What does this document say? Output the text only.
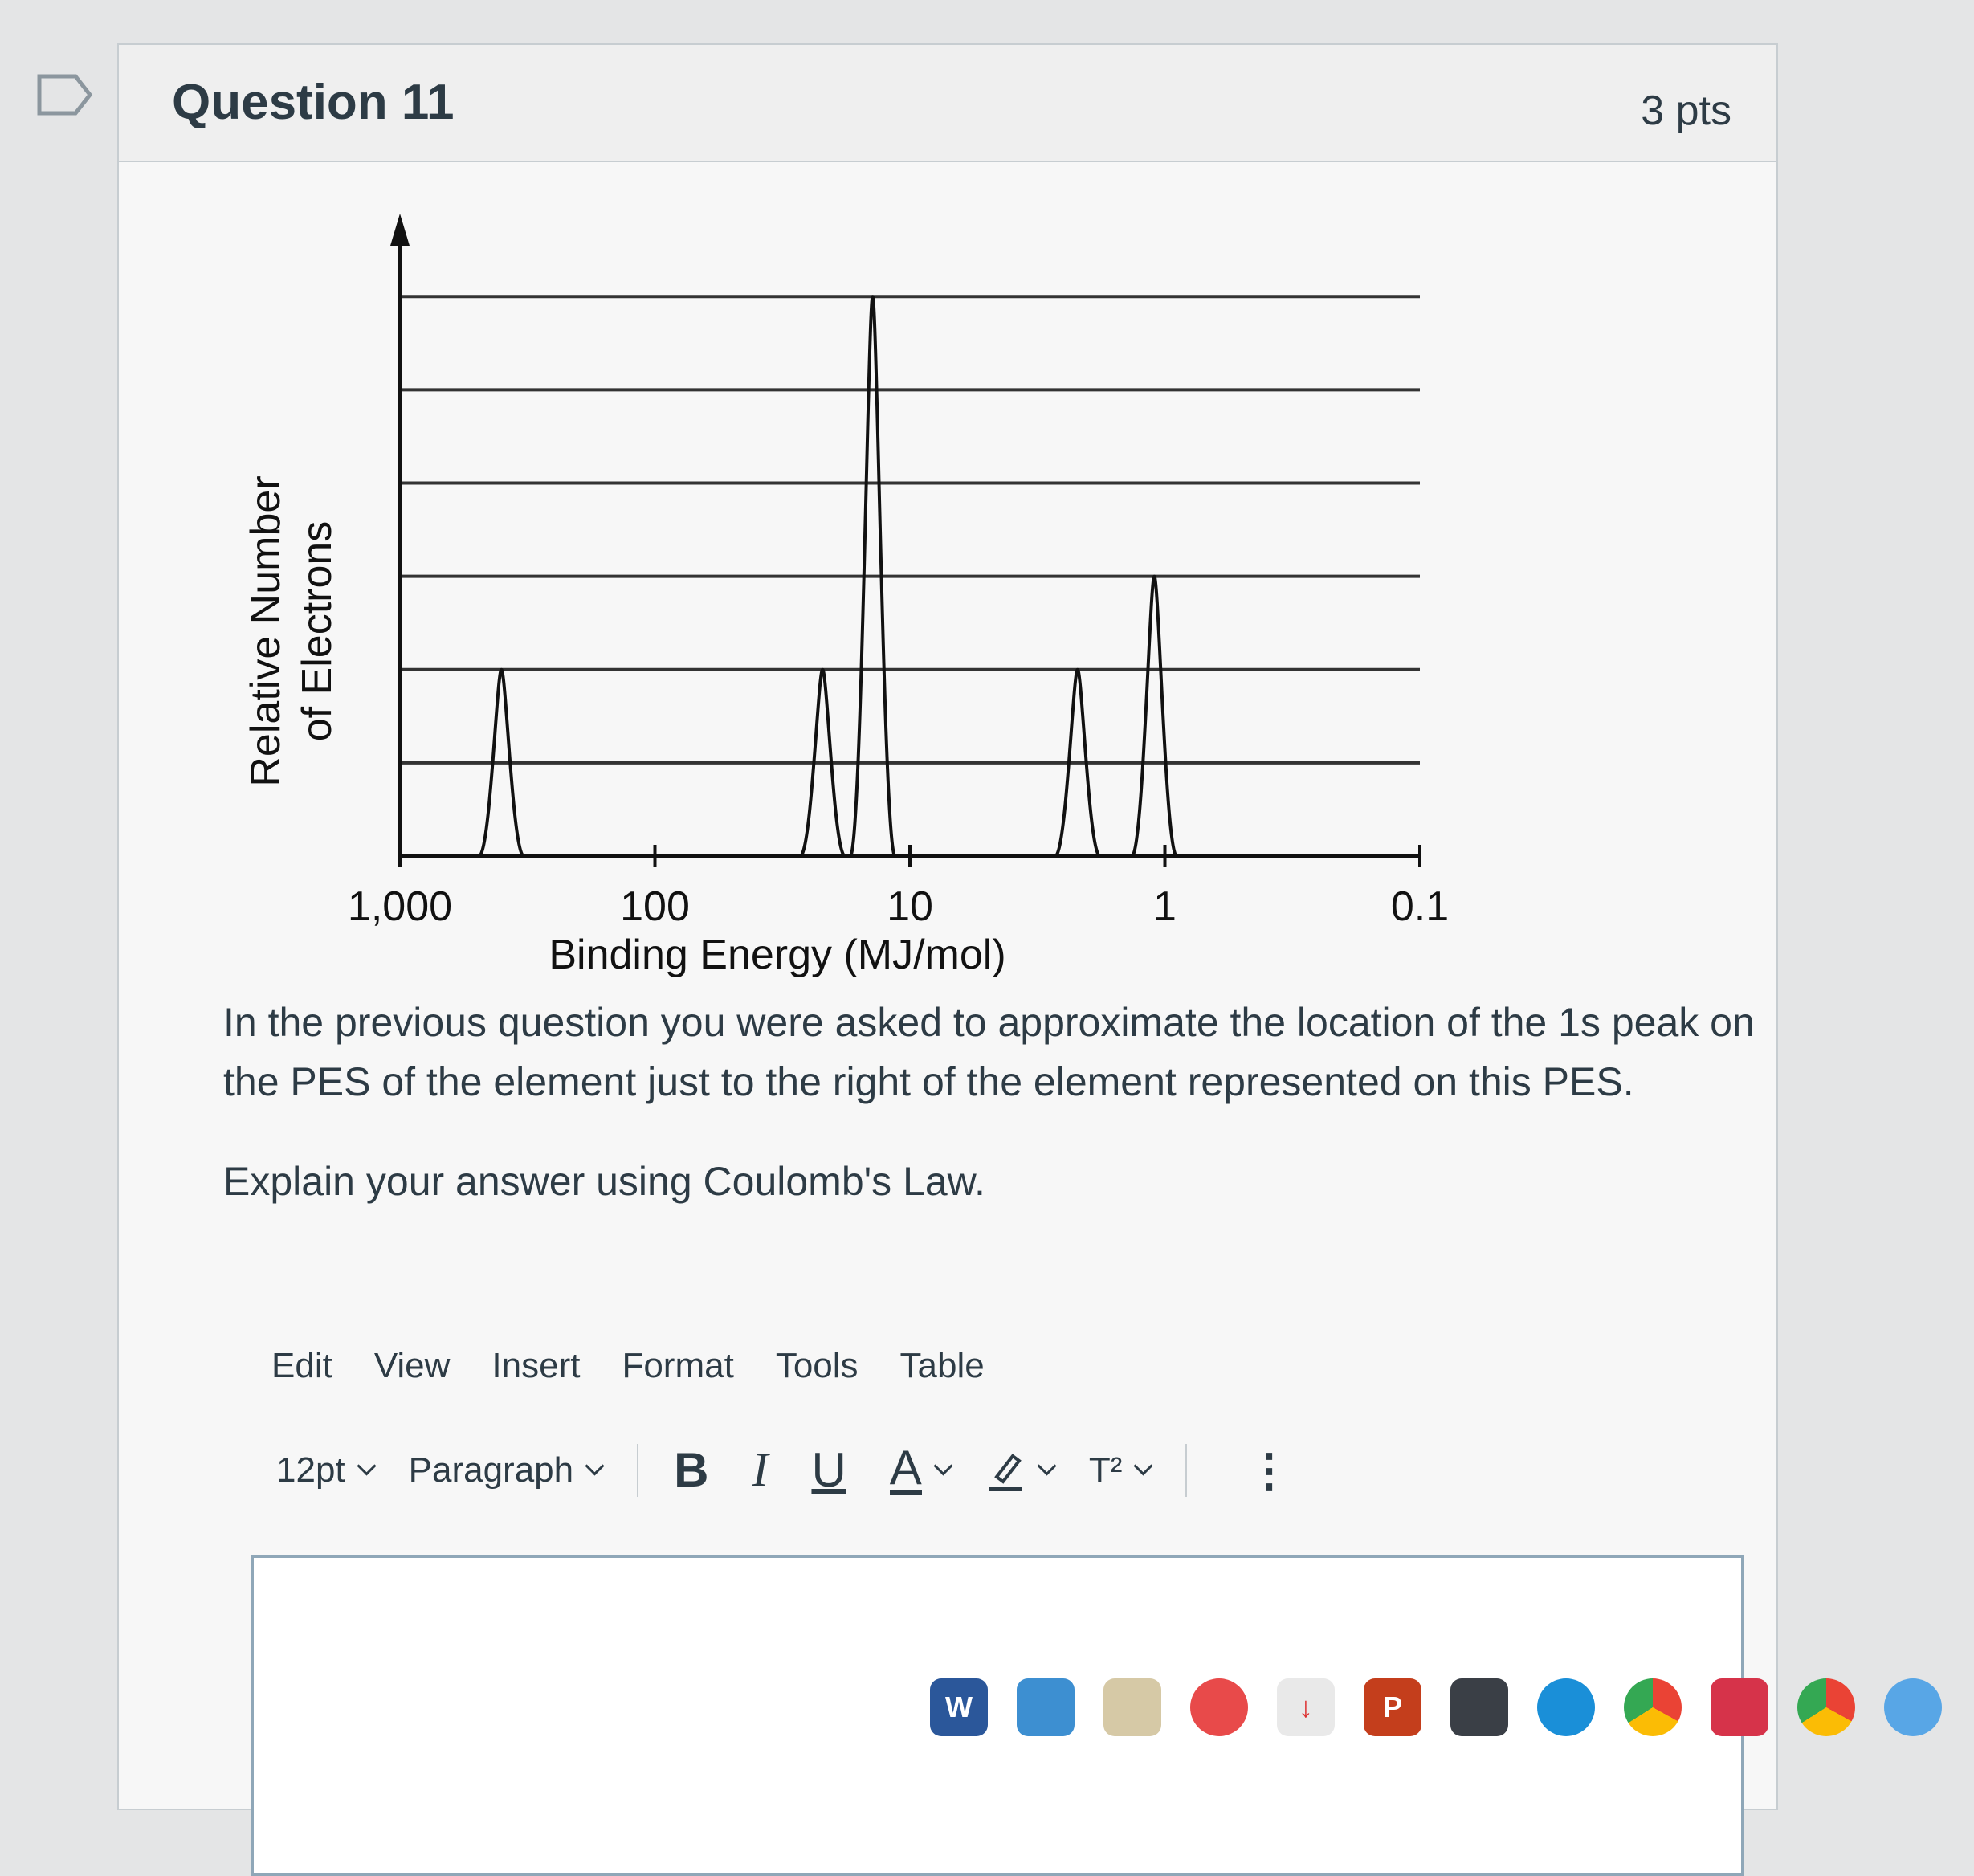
Question 11	3 pts
1,000	100	10	1	0.1
Relative Number of Electrons
Binding Energy (MJ/mol)

In the previous question you were asked to approximate the location of the 1s peak on the PES of the element just to the right of the element represented on this PES.

Explain your answer using Coulomb's Law.

Edit View Insert Format Tools Table
12pt Paragraph B I U A	T²	⋮
W	↓	P
